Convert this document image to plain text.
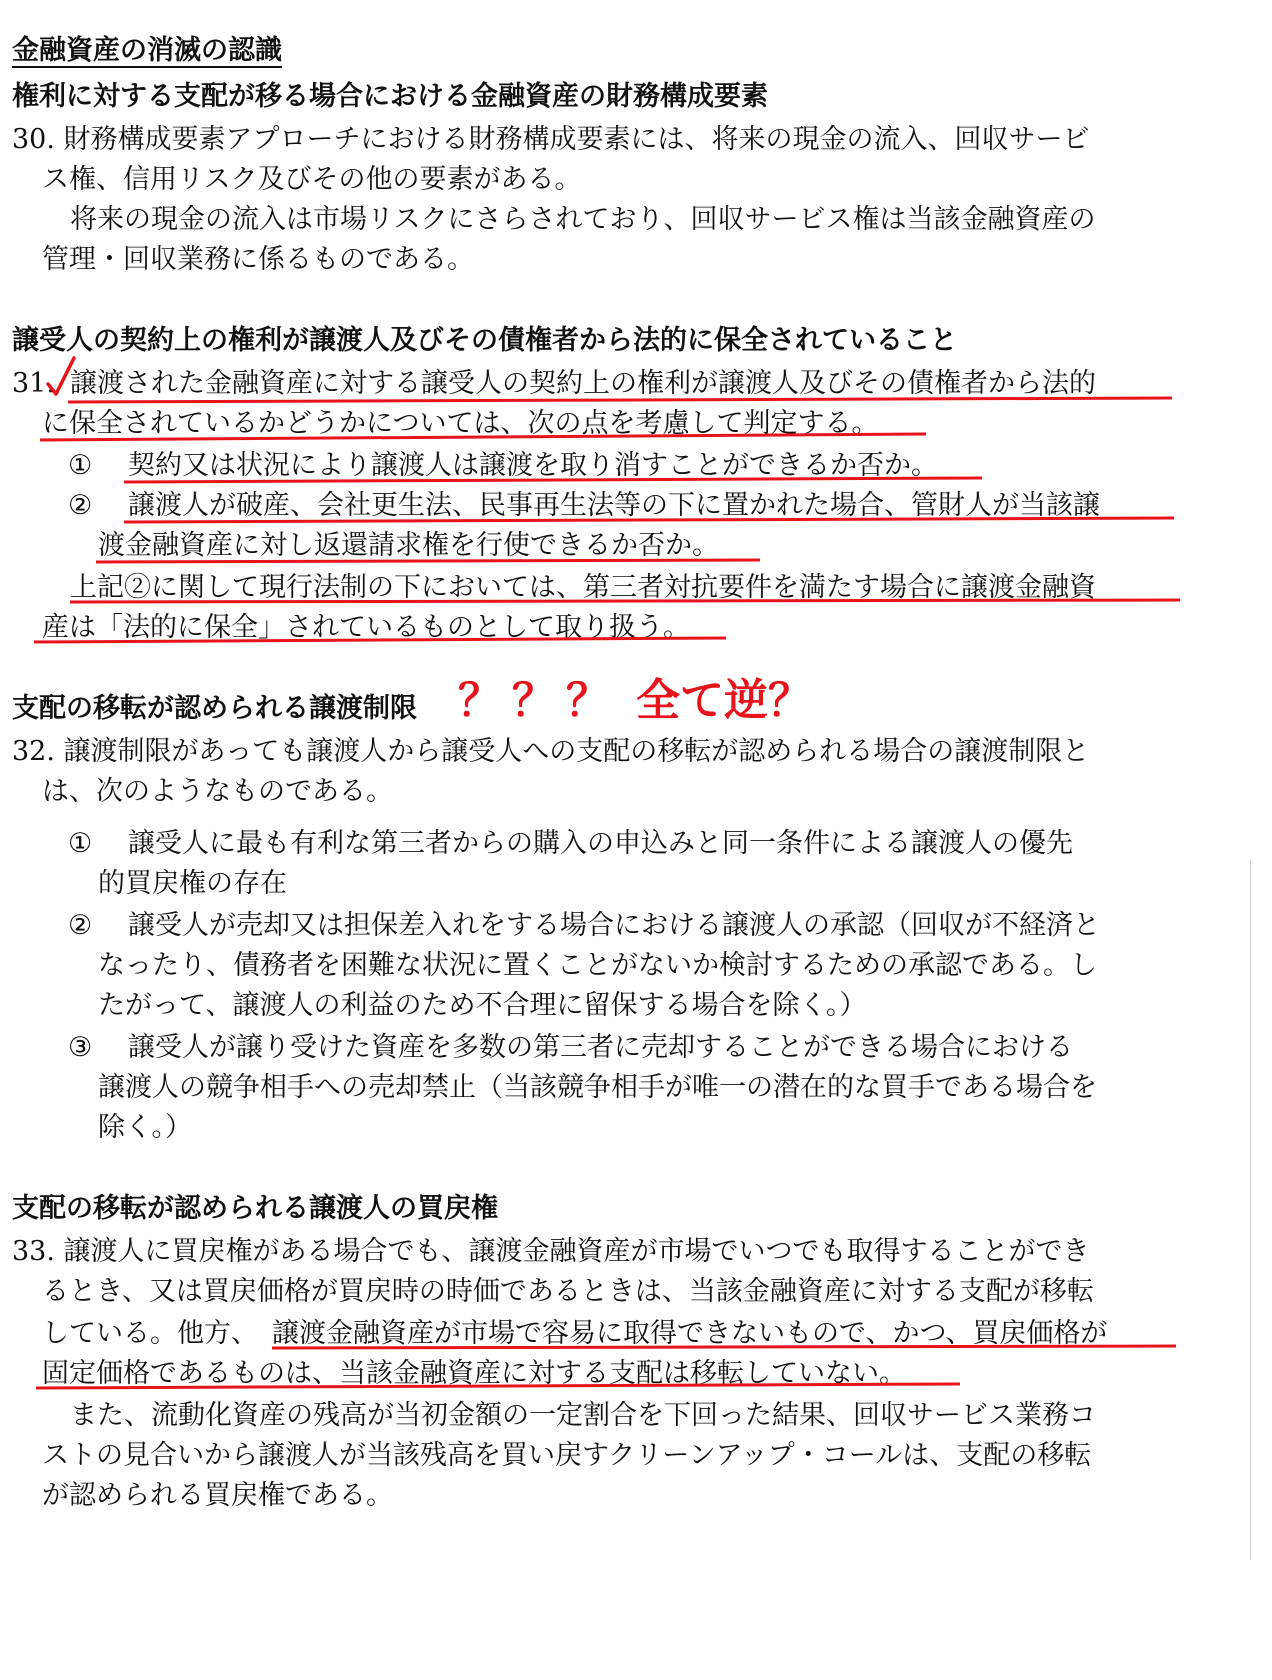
金融資産の消滅の認識
権利に対する支配が移る場合における金融資産の財務構成要素
30. 財務構成要素アプローチにおける財務構成要素には、将来の現金の流入、回収サービ
ス権、信用リスク及びその他の要素がある。
将来の現金の流入は市場リスクにさらされており、回収サービス権は当該金融資産の
管理・回収業務に係るものである。
譲受人の契約上の権利が譲渡人及びその債権者から法的に保全されていること
31. 譲渡された金融資産に対する譲受人の契約上の権利が譲渡人及びその債権者から法的
に保全されているかどうかについては、次の点を考慮して判定する。
① 契約又は状況により譲渡人は譲渡を取り消すことができるか否か。
② 譲渡人が破産、会社更生法、民事再生法等の下に置かれた場合、管財人が当該譲
渡金融資産に対し返還請求権を行使できるか否か。
上記②に関して現行法制の下においては、第三者対抗要件を満たす場合に譲渡金融資
産は「法的に保全」されているものとして取り扱う。
支配の移転が認められる譲渡制限 ？？？ 全て逆？
32. 譲渡制限があっても譲渡人から譲受人への支配の移転が認められる場合の譲渡制限と
は、次のようなものである。
① 譲受人に最も有利な第三者からの購入の申込みと同一条件による譲渡人の優先
的買戻権の存在
② 譲受人が売却又は担保差入れをする場合における譲渡人の承認（回収が不経済と
なったり、債務者を困難な状況に置くことがないか検討するための承認である。し
たがって、譲渡人の利益のため不合理に留保する場合を除く。）
③ 譲受人が譲り受けた資産を多数の第三者に売却することができる場合における
譲渡人の競争相手への売却禁止（当該競争相手が唯一の潜在的な買手である場合を
除く。）
支配の移転が認められる譲渡人の買戻権
33. 譲渡人に買戻権がある場合でも、譲渡金融資産が市場でいつでも取得することができ
るとき、又は買戻価格が買戻時の時価であるときは、当該金融資産に対する支配が移転
している。他方、 譲渡金融資産が市場で容易に取得できないもので、かつ、買戻価格が
固定価格であるものは、当該金融資産に対する支配は移転していない。
また、流動化資産の残高が当初金額の一定割合を下回った結果、回収サービス業務コ
ストの見合いから譲渡人が当該残高を買い戻すクリーンアップ・コールは、支配の移転
が認められる買戻権である。
